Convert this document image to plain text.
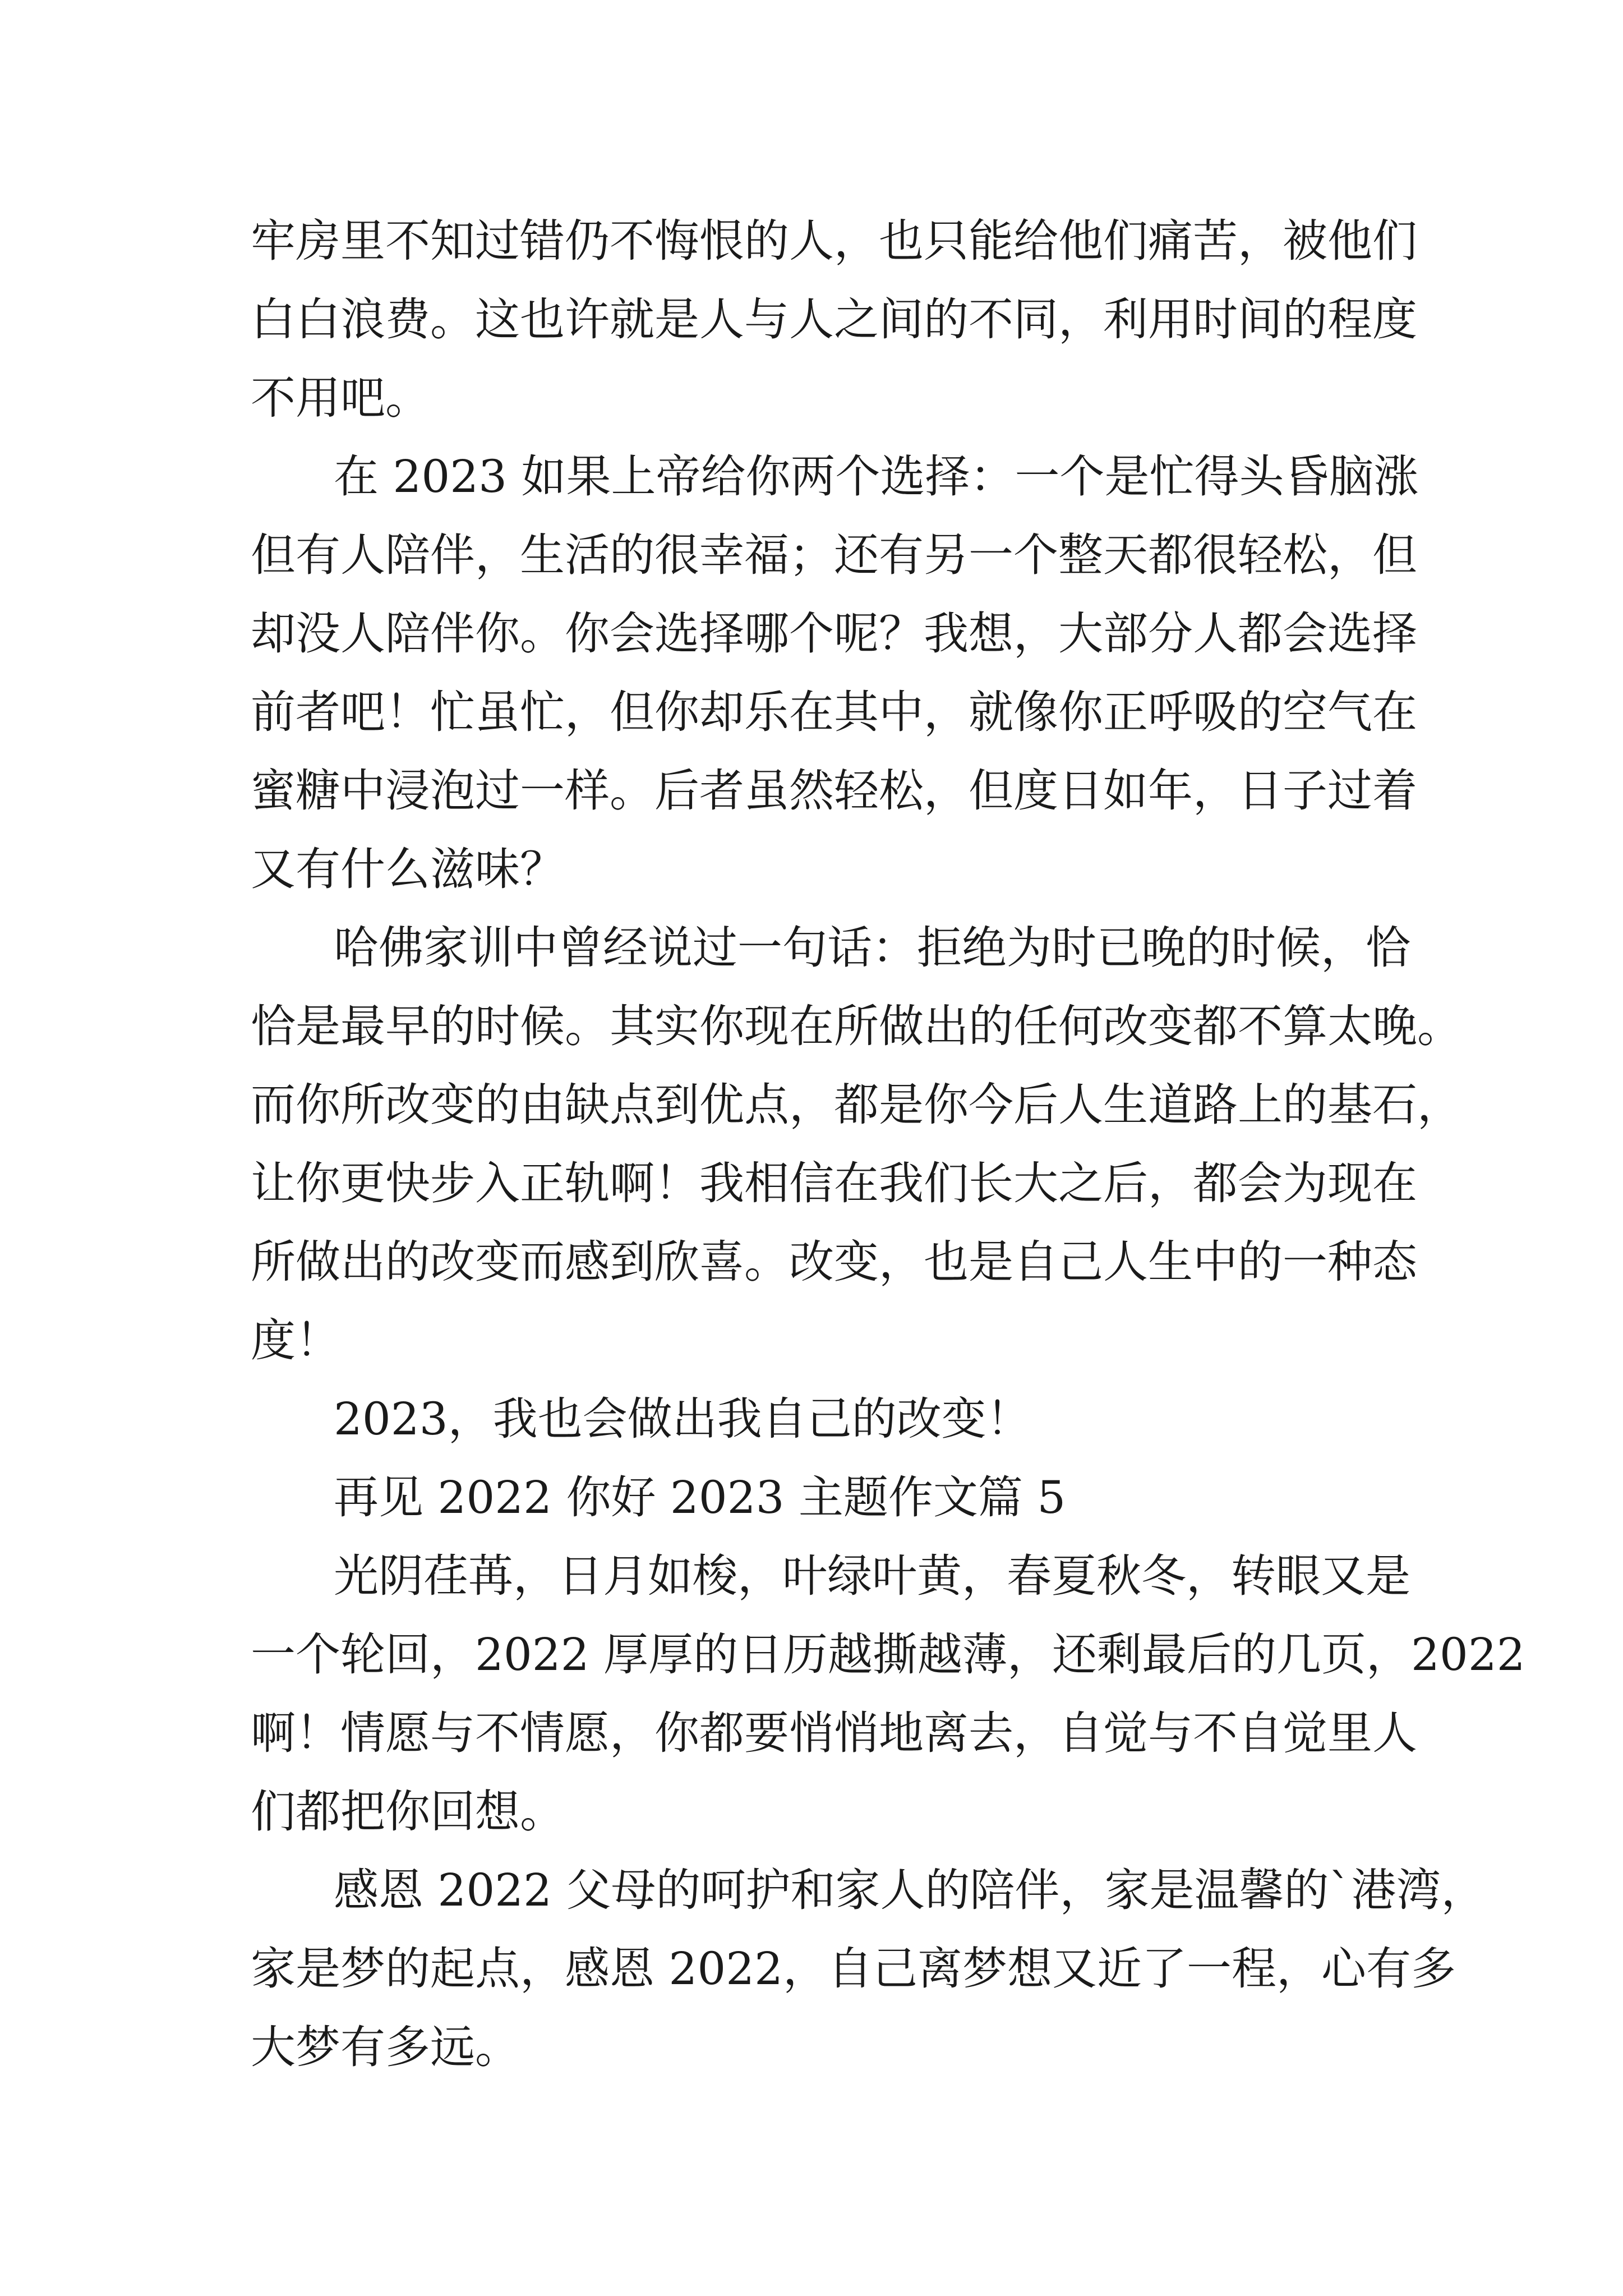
牢房里不知过错仍不悔恨的人，也只能给他们痛苦，被他们
白白浪费。这也许就是人与人之间的不同，利用时间的程度
不用吧。
在 2023 如果上帝给你两个选择：一个是忙得头昏脑涨
但有人陪伴，生活的很幸福；还有另一个整天都很轻松，但
却没人陪伴你。你会选择哪个呢？我想，大部分人都会选择
前者吧！忙虽忙，但你却乐在其中，就像你正呼吸的空气在
蜜糖中浸泡过一样。后者虽然轻松，但度日如年，日子过着
又有什么滋味？
哈佛家训中曾经说过一句话：拒绝为时已晚的时候，恰
恰是最早的时候。其实你现在所做出的任何改变都不算太晚。
而你所改变的由缺点到优点，都是你今后人生道路上的基石，
让你更快步入正轨啊！我相信在我们长大之后，都会为现在
所做出的改变而感到欣喜。改变，也是自己人生中的一种态
度！
2023，我也会做出我自己的改变！
再见 2022 你好 2023 主题作文篇 5
光阴荏苒，日月如梭，叶绿叶黄，春夏秋冬，转眼又是
一个轮回，2022 厚厚的日历越撕越薄，还剩最后的几页，2022
啊！情愿与不情愿，你都要悄悄地离去，自觉与不自觉里人
们都把你回想。
感恩 2022 父母的呵护和家人的陪伴，家是温馨的`港湾，
家是梦的起点，感恩 2022，自己离梦想又近了一程，心有多
大梦有多远。
